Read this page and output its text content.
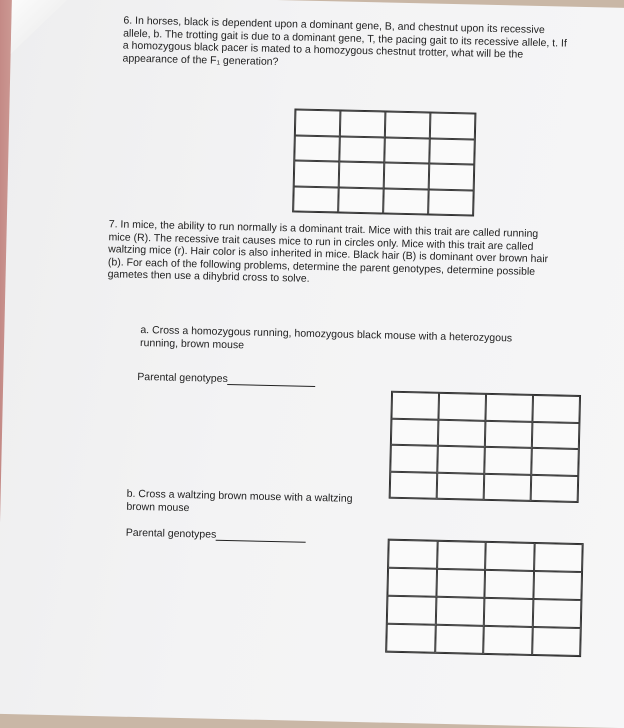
6. In horses, black is dependent upon a dominant gene, B, and chestnut upon its recessive
allele, b. The trotting gait is due to a dominant gene, T, the pacing gait to its recessive allele, t. If
a homozygous black pacer is mated to a homozygous chestnut trotter, what will be the
appearance of the F₁ generation?
7. In mice, the ability to run normally is a dominant trait. Mice with this trait are called running
mice (R). The recessive trait causes mice to run in circles only. Mice with this trait are called
waltzing mice (r). Hair color is also inherited in mice. Black hair (B) is dominant over brown hair
(b). For each of the following problems, determine the parent genotypes, determine possible
gametes then use a dihybrid cross to solve.
a. Cross a homozygous running, homozygous black mouse with a heterozygous
running, brown mouse

Parental genotypes

b. Cross a waltzing brown mouse with a waltzing
brown mouse

Parental genotypes
